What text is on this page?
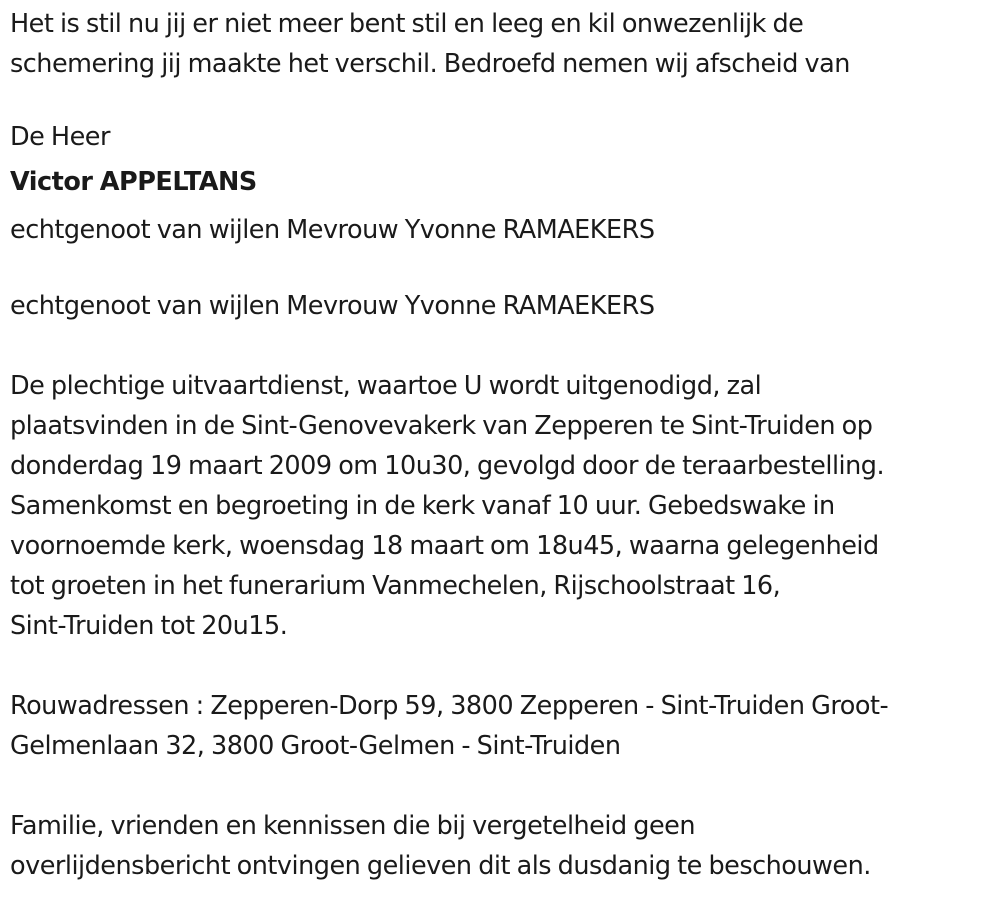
Het is stil nu jij er niet meer bent stil en leeg en kil onwezenlijk de
schemering jij maakte het verschil. Bedroefd nemen wij afscheid van
De Heer
Victor APPELTANS
echtgenoot van wijlen Mevrouw Yvonne RAMAEKERS
echtgenoot van wijlen Mevrouw Yvonne RAMAEKERS
De plechtige uitvaartdienst, waartoe U wordt uitgenodigd, zal
plaatsvinden in de Sint-Genovevakerk van Zepperen te Sint-Truiden op
donderdag 19 maart 2009 om 10u30, gevolgd door de teraarbestelling.
Samenkomst en begroeting in de kerk vanaf 10 uur. Gebedswake in
voornoemde kerk, woensdag 18 maart om 18u45, waarna gelegenheid
tot groeten in het funerarium Vanmechelen, Rijschoolstraat 16,
Sint-Truiden tot 20u15.
Rouwadressen : Zepperen-Dorp 59, 3800 Zepperen - Sint-Truiden Groot-
Gelmenlaan 32, 3800 Groot-Gelmen - Sint-Truiden
Familie, vrienden en kennissen die bij vergetelheid geen
overlijdensbericht ontvingen gelieven dit als dusdanig te beschouwen.
